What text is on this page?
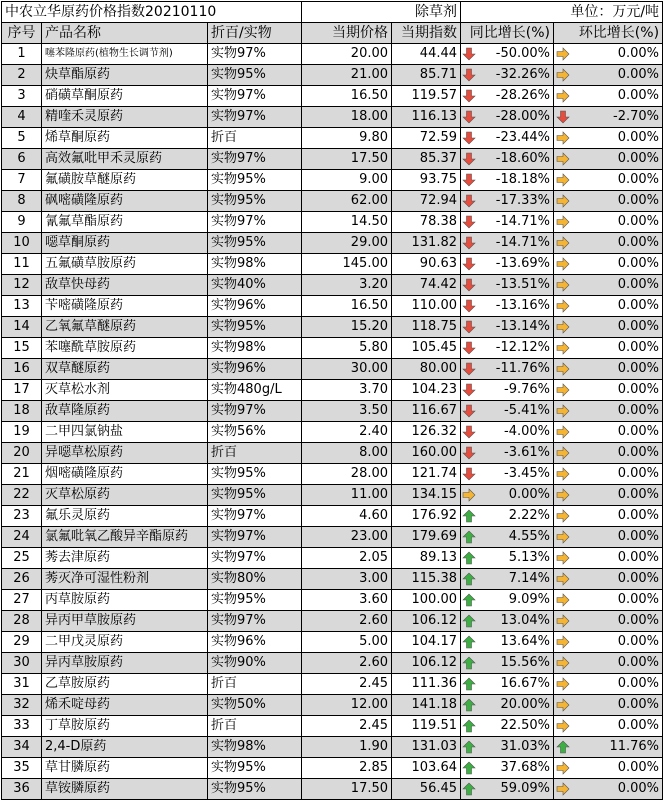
中农立华原药价格指数20210110			除草剂		单位：万元/吨			
序号	产品名称	折百/实物	当期价格	当期指数	同比增长(%)		环比增长(%)	
1	噻苯隆原药(植物生长调节剂)	实物97%	20.00	44.44		-50.00%		0.00%
2	炔草酯原药	实物95%	21.00	85.71		-32.26%		0.00%
3	硝磺草酮原药	实物97%	16.50	119.57		-28.26%		0.00%
4	精喹禾灵原药	实物97%	18.00	116.13		-28.00%		-2.70%
5	烯草酮原药	折百	9.80	72.59		-23.44%		0.00%
6	高效氟吡甲禾灵原药	实物97%	17.50	85.37		-18.60%		0.00%
7	氟磺胺草醚原药	实物95%	9.00	93.75		-18.18%		0.00%
8	砜嘧磺隆原药	实物95%	62.00	72.94		-17.33%		0.00%
9	氰氟草酯原药	实物97%	14.50	78.38		-14.71%		0.00%
10	噁草酮原药	实物95%	29.00	131.82		-14.71%		0.00%
11	五氟磺草胺原药	实物98%	145.00	90.63		-13.69%		0.00%
12	敌草快母药	实物40%	3.20	74.42		-13.51%		0.00%
13	苄嘧磺隆原药	实物96%	16.50	110.00		-13.16%		0.00%
14	乙氧氟草醚原药	实物95%	15.20	118.75		-13.14%		0.00%
15	苯噻酰草胺原药	实物98%	5.80	105.45		-12.12%		0.00%
16	双草醚原药	实物96%	30.00	80.00		-11.76%		0.00%
17	灭草松水剂	实物480g/L	3.70	104.23		-9.76%		0.00%
18	敌草隆原药	实物97%	3.50	116.67		-5.41%		0.00%
19	二甲四氯钠盐	实物56%	2.40	126.32		-4.00%		0.00%
20	异噁草松原药	折百	8.00	160.00		-3.61%		0.00%
21	烟嘧磺隆原药	实物95%	28.00	121.74		-3.45%		0.00%
22	灭草松原药	实物95%	11.00	134.15		0.00%		0.00%
23	氟乐灵原药	实物97%	4.60	176.92		2.22%		0.00%
24	氯氟吡氧乙酸异辛酯原药	实物97%	23.00	179.69		4.55%		0.00%
25	莠去津原药	实物97%	2.05	89.13		5.13%		0.00%
26	莠灭净可湿性粉剂	实物80%	3.00	115.38		7.14%		0.00%
27	丙草胺原药	实物95%	3.60	100.00		9.09%		0.00%
28	异丙甲草胺原药	实物97%	2.60	106.12		13.04%		0.00%
29	二甲戊灵原药	实物96%	5.00	104.17		13.64%		0.00%
30	异丙草胺原药	实物90%	2.60	106.12		15.56%		0.00%
31	乙草胺原药	折百	2.45	111.36		16.67%		0.00%
32	烯禾啶母药	实物50%	12.00	141.18		20.00%		0.00%
33	丁草胺原药	折百	2.45	119.51		22.50%		0.00%
34	2,4-D原药	实物98%	1.90	131.03		31.03%		11.76%
35	草甘膦原药	实物95%	2.85	103.64		37.68%		0.00%
36	草铵膦原药	实物95%	17.50	56.45		59.09%		0.00%
